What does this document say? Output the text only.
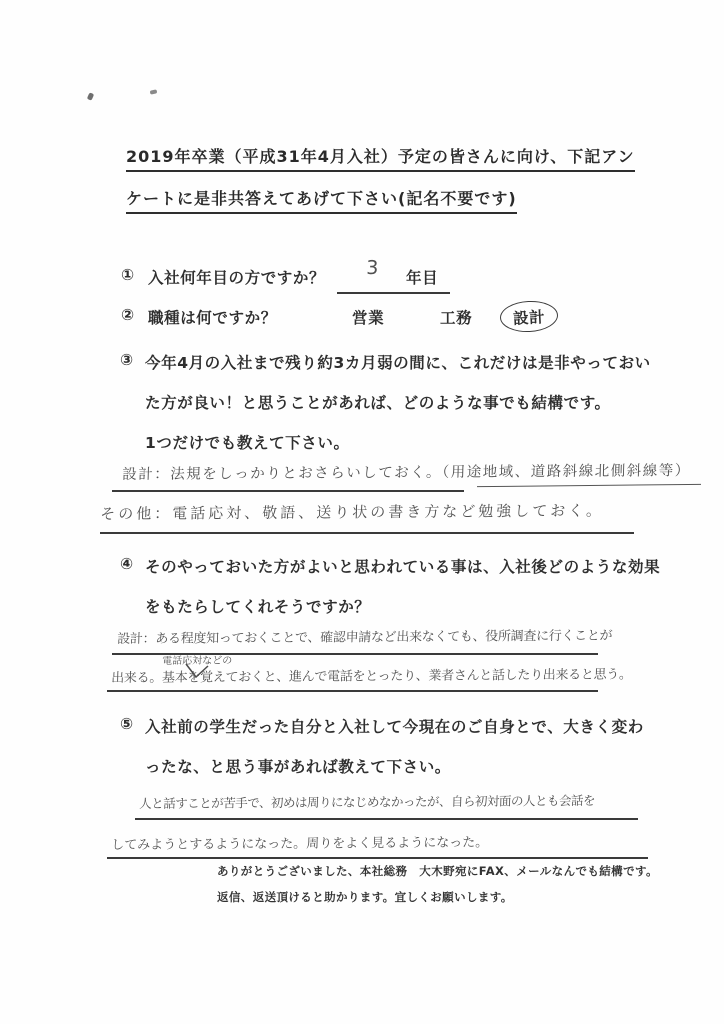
2019年卒業（平成31年4月入社）予定の皆さんに向け、下記アン
ケートに是非共答えてあげて下さい(記名不要です)
① 入社何年目の方ですか？ 3 年目
② 職種は何ですか？	営業	工務	設計
③ 今年4月の入社まで残り約3カ月弱の間に、これだけは是非やっておい
た方が良い！と思うことがあれば、どのような事でも結構です。
1つだけでも教えて下さい。
設計：法規をしっかりとおさらいしておく。（用途地域、道路斜線北側斜線等）
その他：電話応対、敬語、送り状の書き方など勉強しておく。
④ そのやっておいた方がよいと思われている事は、入社後どのような効果
をもたらしてくれそうですか？
設計：ある程度知っておくことで、確認申請など出来なくても、役所調査に行くことが
電話応対などの
出来る。基本を覚えておくと、進んで電話をとったり、業者さんと話したり出来ると思う。
⑤ 入社前の学生だった自分と入社して今現在のご自身とで、大きく変わ
ったな、と思う事があれば教えて下さい。
人と話すことが苦手で、初めは周りになじめなかったが、自ら初対面の人とも会話を
してみようとするようになった。周りをよく見るようになった。
ありがとうございました、本社総務　大木野宛にFAX、メールなんでも結構です。
返信、返送頂けると助かります。宜しくお願いします。
